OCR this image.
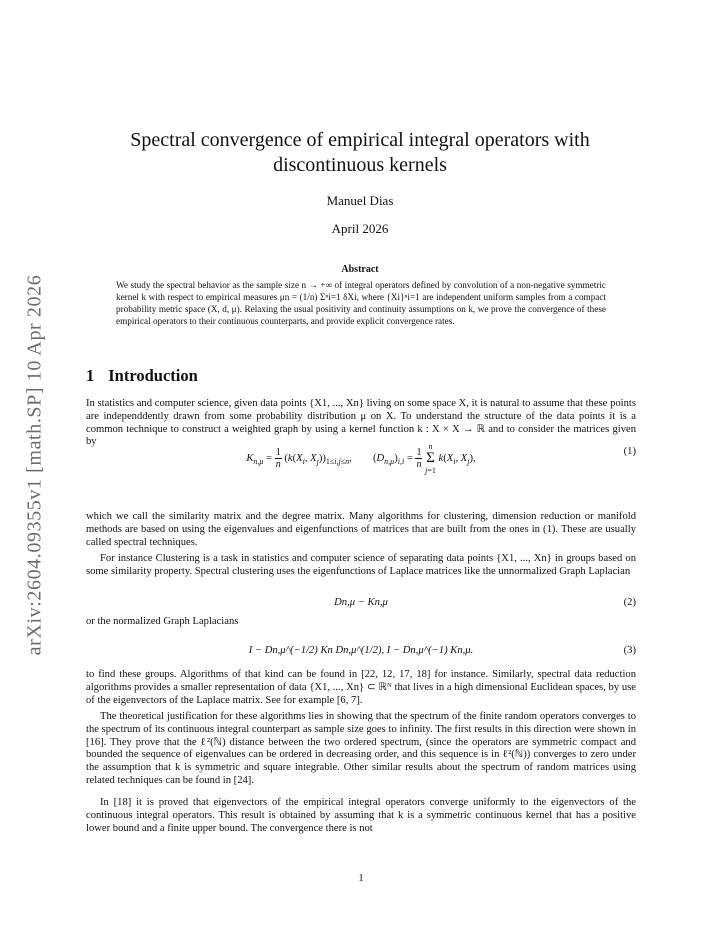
arXiv:2604.09355v1 [math.SP] 10 Apr 2026
Spectral convergence of empirical integral operators with
discontinuous kernels
Manuel Dias
April 2026
Abstract
We study the spectral behavior as the sample size n → +∞ of integral operators defined by convolution of a non-negative symmetric kernel k with respect to empirical measures μn = (1/n) Σⁿi=1 δXi, where {Xi}ⁿi=1 are independent uniform samples from a compact probability metric space (X, d, μ). Relaxing the usual positivity and continuity assumptions on k, we prove the convergence of these empirical operators to their continuous counterparts, and provide explicit convergence rates.
1 Introduction

In statistics and computer science, given data points {X1, ..., Xn} living on some space X, it is natural to assume that these points are independdently drawn from some probability distribution μ on X. To understand the structure of the data points it is a common technique to construct a weighted graph by using a kernel function k : X × X → ℝ and to consider the matrices given by

$K_{n,\mu} = \frac{1}{n} (k(X_i$, $X_j))_{1\le i,j\le n}$,        $(D_{n,\mu})_{i,i} = \frac{1}{n}$ n
Σ
j=1 $k(X_i$, $X_j$),
(1)

which we call the similarity matrix and the degree matrix. Many algorithms for clustering, dimension reduction or manifold methods are based on using the eigenvalues and eigenfunctions of matrices that are built from the ones in (1). These are usually called spectral techniques.

For instance Clustering is a task in statistics and computer science of separating data points {X1, ..., Xn} in groups based on some similarity property. Spectral clustering uses the eigenfunctions of Laplace matrices like the unnormalized Graph Laplacian

Dn,μ − Kn,μ	(2)

or the normalized Graph Laplacians

I − Dn,μ^(−1/2) Kn Dn,μ^(1/2), I − Dn,μ^(−1) Kn,μ.	(3)

to find these groups. Algorithms of that kind can be found in [22, 12, 17, 18] for instance. Similarly, spectral data reduction algorithms provides a smaller representation of data {X1, ..., Xn} ⊂ ℝᴺ that lives in a high dimensional Euclidean spaces, by use of the eigenvectors of the Laplace matrix. See for example [6, 7].

The theoretical justification for these algorithms lies in showing that the spectrum of the finite random operators converges to the spectrum of its continuous integral counterpart as sample size goes to infinity. The first results in this direction were shown in [16]. They prove that the ℓ²(ℕ) distance between the two ordered spectrum, (since the operators are symmetric compact and bounded the sequence of eigenvalues can be ordered in decreasing order, and this sequence is in ℓ²(ℕ)) converges to zero under the assumption that k is symmetric and square integrable. Other similar results about the spectrum of random matrices using related techniques can be found in [24].

In [18] it is proved that eigenvectors of the empirical integral operators converge uniformly to the eigenvectors of the continuous integral operators. This result is obtained by assuming that k is a symmetric continuous kernel that has a positive lower bound and a finite upper bound. The convergence there is not

1
